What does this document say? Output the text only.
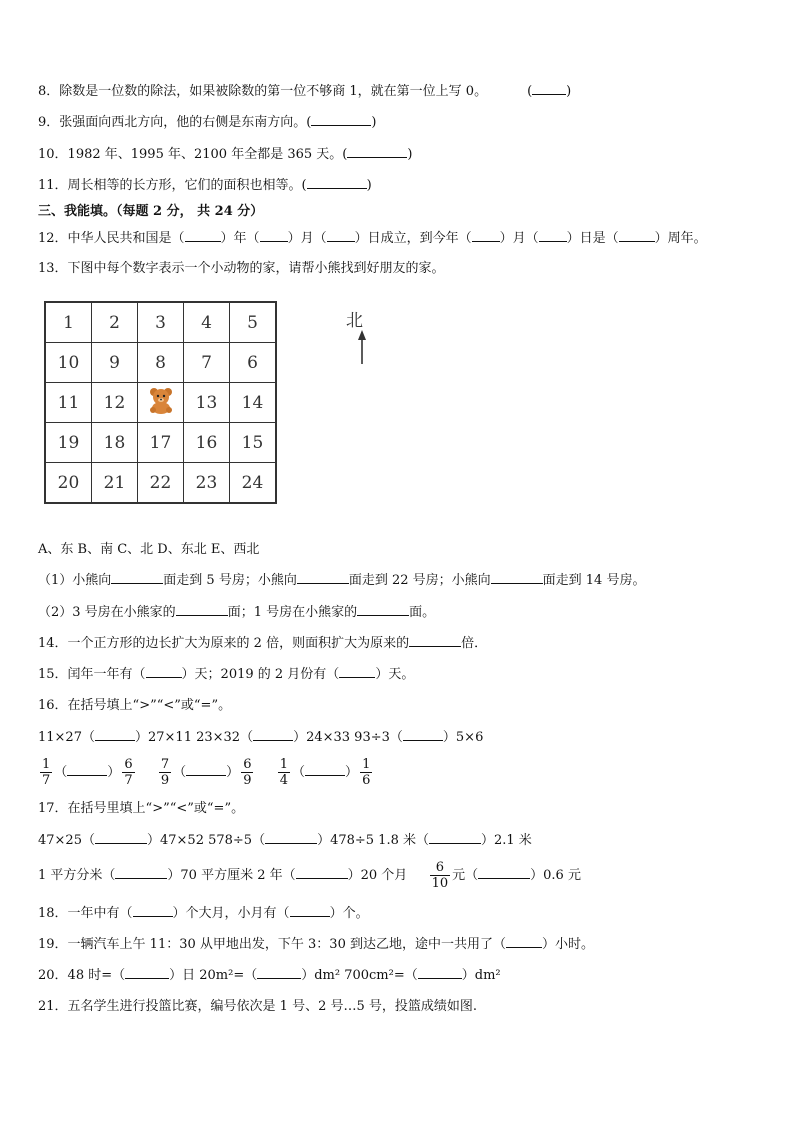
8．除数是一位数的除法，如果被除数的第一位不够商 1，就在第一位上写 0。	(	)
9．张强面向西北方向，他的右侧是东南方向。(	)
10．1982 年、1995 年、2100 年全都是 365 天。(	)
11．周长相等的长方形，它们的面积也相等。(	)
三、我能填。（每题 2 分， 共 24 分）
12．中华人民共和国是（	）年（ ）月（ ）日成立，到今年（ ）月（ ）日是（	）周年。
13．下图中每个数字表示一个小动物的家，请帮小熊找到好朋友的家。
1	2	3	4	5
10	9	8	7	6
11	12		13	14
19	18	17	16	15
20	21	22	23	24
北
A、东 B、南 C、北 D、东北 E、西北
（1）小熊向	面走到 5 号房；小熊向	面走到 22 号房；小熊向	面走到 14 号房。
（2）3 号房在小熊家的	面；1 号房在小熊家的	面。
14．一个正方形的边长扩大为原来的 2 倍，则面积扩大为原来的	倍．
15．闰年一年有（	）天；2019 的 2 月份有（	）天。
16．在括号填上“>”“<”或“=”。
11×27（	）27×11 23×32（	）24×33 93÷3（	）5×6
$\frac{1}{7}$ （	） $\frac{6}{7}$
$\frac{7}{9}$ （	） $\frac{6}{9}$
$\frac{1}{4}$ （	） $\frac{1}{6}$
17．在括号里填上“>”“<”或“=”。
47×25（	）47×52 578÷5（	）478÷5 1.8 米（	）2.1 米
1 平方分米（	）70 平方厘米 2 年（	）20 个月 $\frac{6}{10}$ 元（	）0.6 元
18．一年中有（	）个大月，小月有（	）个。
19．一辆汽车上午 11：30 从甲地出发，下午 3：30 到达乙地，途中一共用了（	）小时。
20．48 时=（	）日 20m²=（	）dm² 700cm²=（	）dm²
21．五名学生进行投篮比赛，编号依次是 1 号、2 号…5 号，投篮成绩如图.
